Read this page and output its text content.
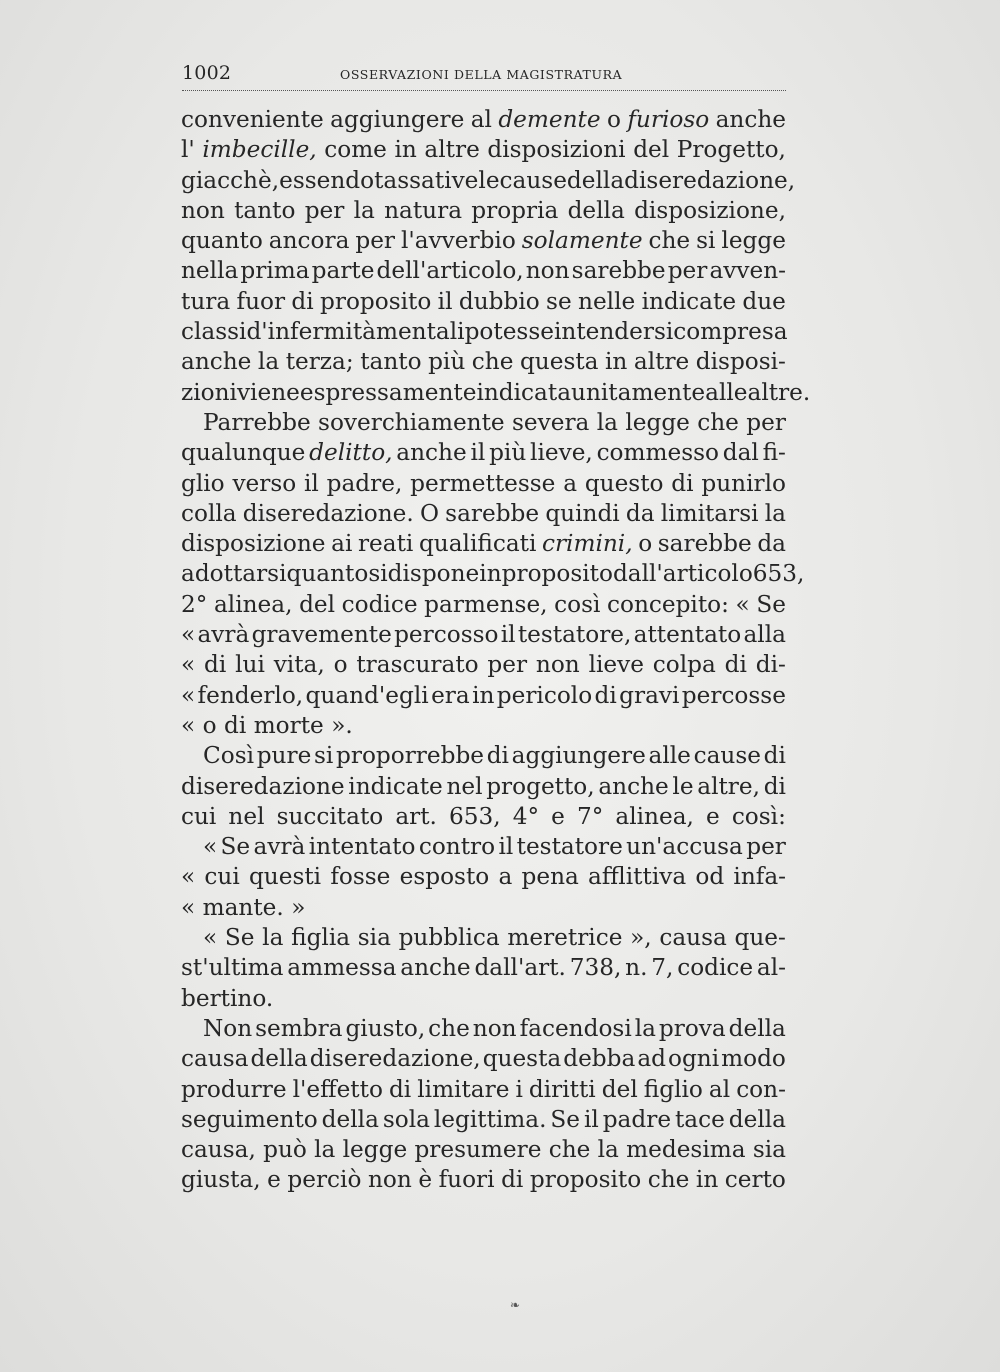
1002	OSSERVAZIONI DELLA MAGISTRATURA
conveniente aggiungere al demente o furioso anche
l' imbecille, come in altre disposizioni del Progetto,
giacchè, essendo tassative le cause della diseredazione,
non tanto per la natura propria della disposizione,
quanto ancora per l'avverbio solamente che si legge
nella prima parte dell'articolo, non sarebbe per avven-
tura fuor di proposito il dubbio se nelle indicate due
classi d' infermità mentali potesse intendersi compresa
anche la terza; tanto più che questa in altre disposi-
zioni viene espressamente indicata unitamente alle altre.
Parrebbe soverchiamente severa la legge che per
qualunque delitto, anche il più lieve, commesso dal fi-
glio verso il padre, permettesse a questo di punirlo
colla diseredazione. O sarebbe quindi da limitarsi la
disposizione ai reati qualificati crimini, o sarebbe da
adottarsi quanto si dispone in proposito dall'articolo 653,
2° alinea, del codice parmense, così concepito: « Se
« avrà gravemente percosso il testatore, attentato alla
« di lui vita, o trascurato per non lieve colpa di di-
« fenderlo, quand'egli era in pericolo di gravi percosse
« o di morte ».
Così pure si proporrebbe di aggiungere alle cause di
diseredazione indicate nel progetto, anche le altre, di
cui nel succitato art. 653, 4° e 7° alinea, e così:
« Se avrà intentato contro il testatore un'accusa per
« cui questi fosse esposto a pena afflittiva od infa-
« mante. »
« Se la figlia sia pubblica meretrice », causa que-
st'ultima ammessa anche dall'art. 738, n. 7, codice al-
bertino.
Non sembra giusto, che non facendosi la prova della
causa della diseredazione, questa debba ad ogni modo
produrre l'effetto di limitare i diritti del figlio al con-
seguimento della sola legittima. Se il padre tace della
causa, può la legge presumere che la medesima sia
giusta, e perciò non è fuori di proposito che in certo
❧
